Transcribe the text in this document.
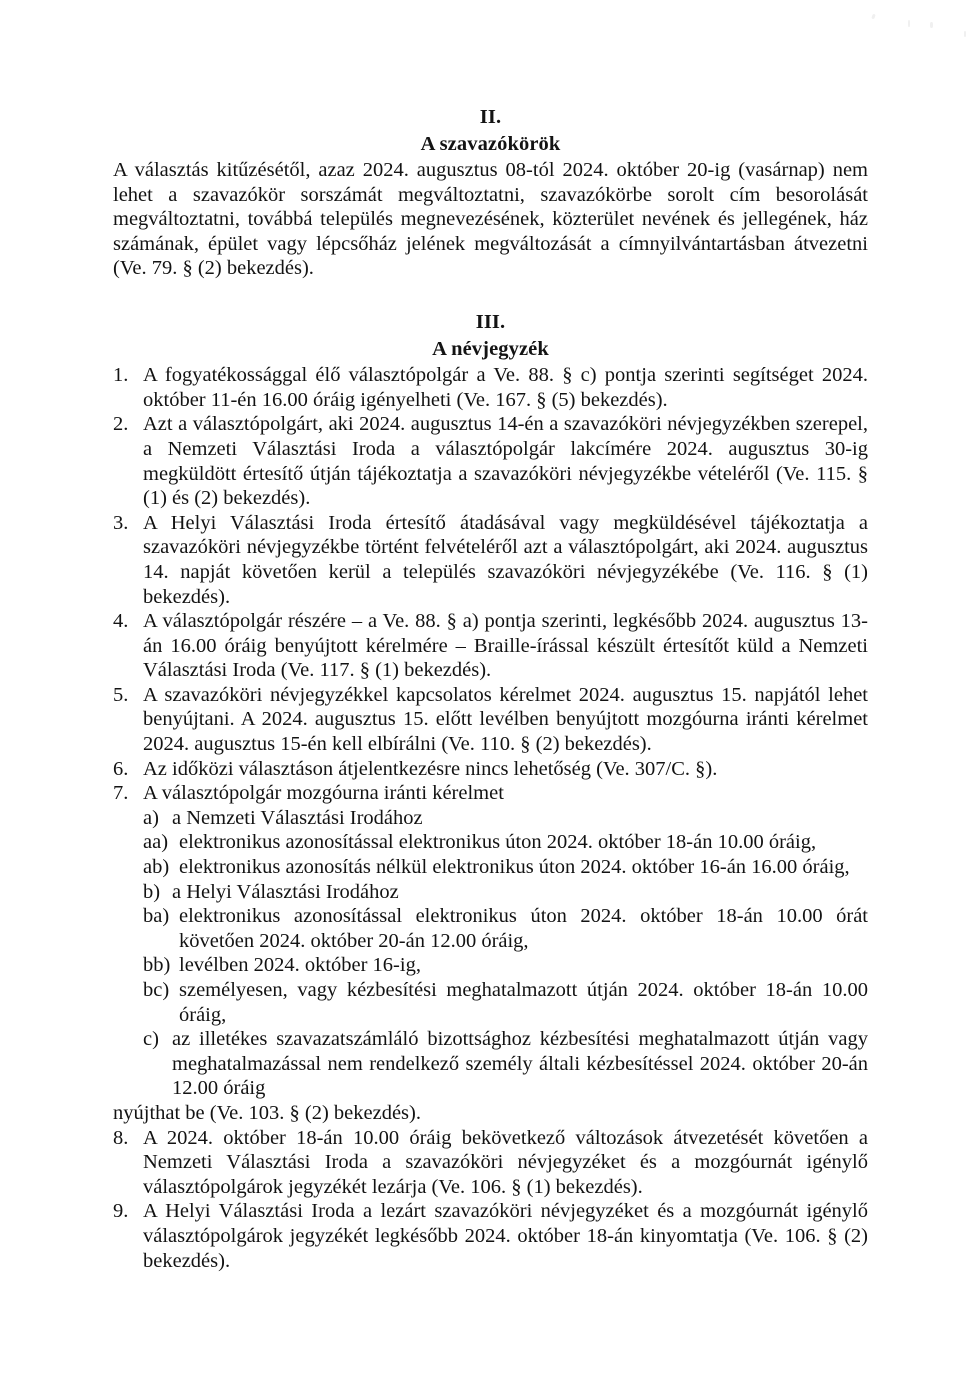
II.
A szavazókörök

A választás kitűzésétől, azaz 2024. augusztus 08-tól 2024. október 20-ig (vasárnap) nem lehet a szavazókör sorszámát megváltoztatni, szavazókörbe sorolt cím besorolását megváltoztatni, továbbá település megnevezésének, közterület nevének és jellegének, ház számának, épület vagy lépcsőház jelének megváltozását a címnyilvántartásban átvezetni (Ve. 79. § (2) bekezdés).

III.
A névjegyzék
1. A fogyatékossággal élő választópolgár a Ve. 88. § c) pontja szerinti segítséget 2024. október 11-én 16.00 óráig igényelheti (Ve. 167. § (5) bekezdés).
2. Azt a választópolgárt, aki 2024. augusztus 14-én a szavazóköri névjegyzékben szerepel, a Nemzeti Választási Iroda a választópolgár lakcímére 2024. augusztus 30-ig megküldött értesítő útján tájékoztatja a szavazóköri névjegyzékbe vételéről (Ve. 115. § (1) és (2) bekezdés).
3. A Helyi Választási Iroda értesítő átadásával vagy megküldésével tájékoztatja a szavazóköri névjegyzékbe történt felvételéről azt a választópolgárt, aki 2024. augusztus 14. napját követően kerül a település szavazóköri névjegyzékébe (Ve. 116. § (1) bekezdés).
4. A választópolgár részére – a Ve. 88. § a) pontja szerinti, legkésőbb 2024. augusztus 13-án 16.00 óráig benyújtott kérelmére – Braille-írással készült értesítőt küld a Nemzeti Választási Iroda (Ve. 117. § (1) bekezdés).
5. A szavazóköri névjegyzékkel kapcsolatos kérelmet 2024. augusztus 15. napjától lehet benyújtani. A 2024. augusztus 15. előtt levélben benyújtott mozgóurna iránti kérelmet 2024. augusztus 15-én kell elbírálni (Ve. 110. § (2) bekezdés).
6. Az időközi választáson átjelentkezésre nincs lehetőség (Ve. 307/C. §).
7. A választópolgár mozgóurna iránti kérelmet
a) a Nemzeti Választási Irodához
aa) elektronikus azonosítással elektronikus úton 2024. október 18-án 10.00 óráig,
ab) elektronikus azonosítás nélkül elektronikus úton 2024. október 16-án 16.00 óráig,
b) a Helyi Választási Irodához
ba) elektronikus azonosítással elektronikus úton 2024. október 18-án 10.00 órát követően 2024. október 20-án 12.00 óráig,
bb) levélben 2024. október 16-ig,
bc) személyesen, vagy kézbesítési meghatalmazott útján 2024. október 18-án 10.00 óráig,
c) az illetékes szavazatszámláló bizottsághoz kézbesítési meghatalmazott útján vagy meghatalmazással nem rendelkező személy általi kézbesítéssel 2024. október 20-án 12.00 óráig
nyújthat be (Ve. 103. § (2) bekezdés).
8. A 2024. október 18-án 10.00 óráig bekövetkező változások átvezetését követően a Nemzeti Választási Iroda a szavazóköri névjegyzéket és a mozgóurnát igénylő választópolgárok jegyzékét lezárja (Ve. 106. § (1) bekezdés).
9. A Helyi Választási Iroda a lezárt szavazóköri névjegyzéket és a mozgóurnát igénylő választópolgárok jegyzékét legkésőbb 2024. október 18-án kinyomtatja (Ve. 106. § (2) bekezdés).
